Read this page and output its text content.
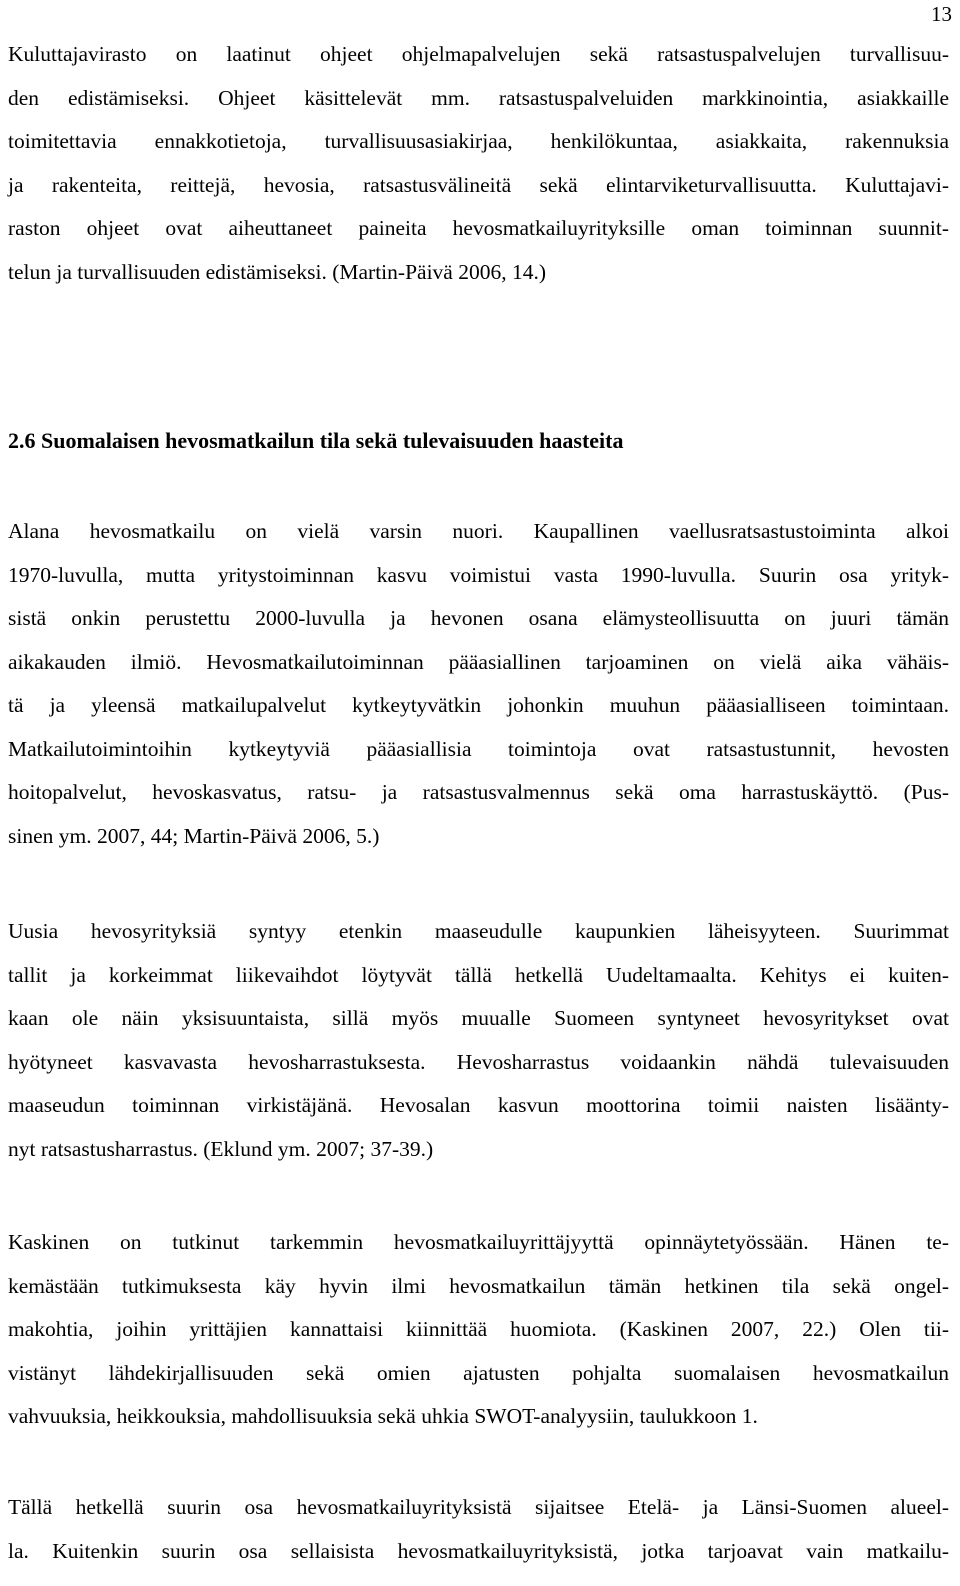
13
Kuluttajavirasto on laatinut ohjeet ohjelmapalvelujen sekä ratsastuspalvelujen turvallisuu-
den edistämiseksi. Ohjeet käsittelevät mm. ratsastuspalveluiden markkinointia, asiakkaille
toimitettavia ennakkotietoja, turvallisuusasiakirjaa, henkilökuntaa, asiakkaita, rakennuksia
ja rakenteita, reittejä, hevosia, ratsastusvälineitä sekä elintarviketurvallisuutta. Kuluttajavi-
raston ohjeet ovat aiheuttaneet paineita hevosmatkailuyrityksille oman toiminnan suunnit-
telun ja turvallisuuden edistämiseksi. (Martin-Päivä 2006, 14.)
2.6 Suomalaisen hevosmatkailun tila sekä tulevaisuuden haasteita
Alana hevosmatkailu on vielä varsin nuori. Kaupallinen vaellusratsastustoiminta alkoi
1970-luvulla, mutta yritystoiminnan kasvu voimistui vasta 1990-luvulla. Suurin osa yrityk-
sistä onkin perustettu 2000-luvulla ja hevonen osana elämysteollisuutta on juuri tämän
aikakauden ilmiö. Hevosmatkailutoiminnan pääasiallinen tarjoaminen on vielä aika vähäis-
tä ja yleensä matkailupalvelut kytkeytyvätkin johonkin muuhun pääasialliseen toimintaan.
Matkailutoimintoihin kytkeytyviä pääasiallisia toimintoja ovat ratsastustunnit, hevosten
hoitopalvelut, hevoskasvatus, ratsu- ja ratsastusvalmennus sekä oma harrastuskäyttö. (Pus-
sinen ym. 2007, 44; Martin-Päivä 2006, 5.)
Uusia hevosyrityksiä syntyy etenkin maaseudulle kaupunkien läheisyyteen. Suurimmat
tallit ja korkeimmat liikevaihdot löytyvät tällä hetkellä Uudeltamaalta. Kehitys ei kuiten-
kaan ole näin yksisuuntaista, sillä myös muualle Suomeen syntyneet hevosyritykset ovat
hyötyneet kasvavasta hevosharrastuksesta. Hevosharrastus voidaankin nähdä tulevaisuuden
maaseudun toiminnan virkistäjänä. Hevosalan kasvun moottorina toimii naisten lisäänty-
nyt ratsastusharrastus. (Eklund ym. 2007; 37-39.)
Kaskinen on tutkinut tarkemmin hevosmatkailuyrittäjyyttä opinnäytetyössään. Hänen te-
kemästään tutkimuksesta käy hyvin ilmi hevosmatkailun tämän hetkinen tila sekä ongel-
makohtia, joihin yrittäjien kannattaisi kiinnittää huomiota. (Kaskinen 2007, 22.) Olen tii-
vistänyt lähdekirjallisuuden sekä omien ajatusten pohjalta suomalaisen hevosmatkailun
vahvuuksia, heikkouksia, mahdollisuuksia sekä uhkia SWOT-analyysiin, taulukkoon 1.
Tällä hetkellä suurin osa hevosmatkailuyrityksistä sijaitsee Etelä- ja Länsi-Suomen alueel-
la. Kuitenkin suurin osa sellaisista hevosmatkailuyrityksistä, jotka tarjoavat vain matkailu-
